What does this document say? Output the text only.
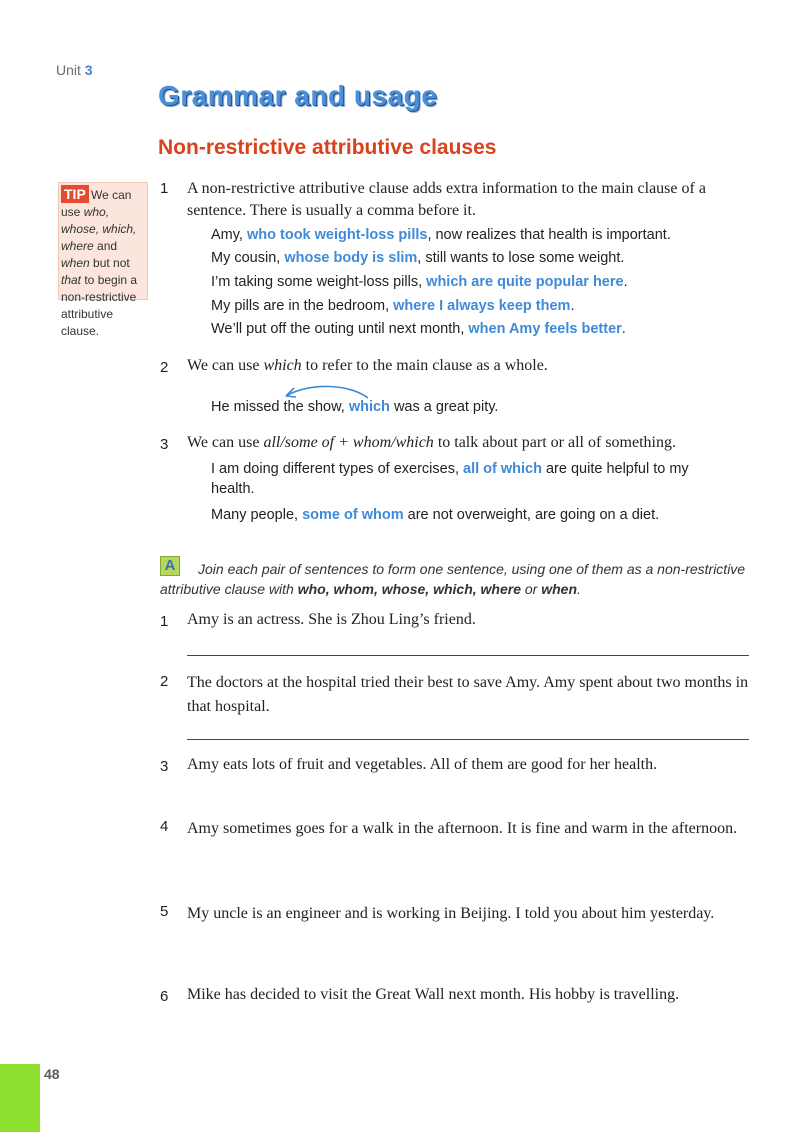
Unit 3
Grammar and usage
Non-restrictive attributive clauses
We can use who, whose, which, where and when but not that to begin a non-restrictive attributive clause.
TIP	1	A non-restrictive attributive clause adds extra information to the main clause of a sentence. There is usually a comma before it.
Amy, who took weight-loss pills, now realizes that health is important.
My cousin, whose body is slim, still wants to lose some weight.
I’m taking some weight-loss pills, which are quite popular here.
My pills are in the bedroom, where I always keep them.
We’ll put off the outing until next month, when Amy feels better.
2	We can use which to refer to the main clause as a whole.
He missed the show, which was a great pity.
3	We can use all/some of + whom/which to talk about part or all of something.
I am doing different types of exercises, all of which are quite helpful to my health.
Many people, some of whom are not overweight, are going on a diet.
A	Join each pair of sentences to form one sentence, using one of them as a non-restrictive attributive clause with who, whom, whose, which, where or when.
1	Amy is an actress. She is Zhou Ling’s friend.
2	The doctors at the hospital tried their best to save Amy. Amy spent about two months in that hospital.
3	Amy eats lots of fruit and vegetables. All of them are good for her health.
4	Amy sometimes goes for a walk in the afternoon. It is fine and warm in the afternoon.
5	My uncle is an engineer and is working in Beijing. I told you about him yesterday.
6	Mike has decided to visit the Great Wall next month. His hobby is travelling.
48
